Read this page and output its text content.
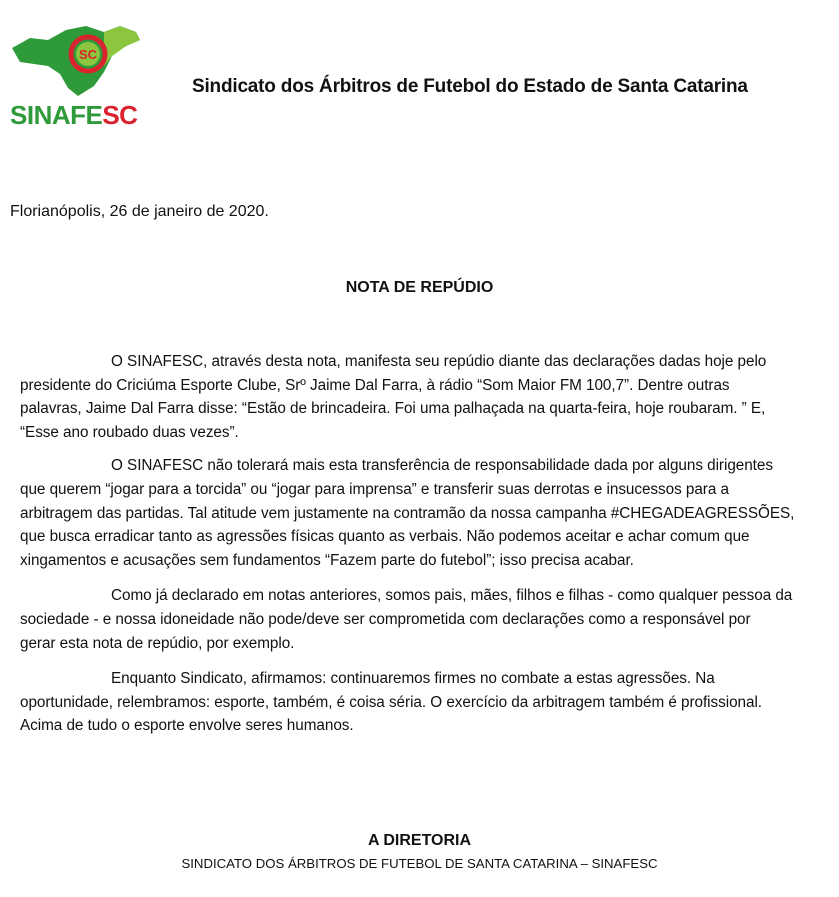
SC
SINAFESC
Sindicato dos Árbitros de Futebol do Estado de Santa Catarina
Florianópolis, 26 de janeiro de 2020.
NOTA DE REPÚDIO

O SINAFESC, através desta nota, manifesta seu repúdio diante das declarações dadas hoje pelo
presidente do Criciúma Esporte Clube, Srº Jaime Dal Farra, à rádio “Som Maior FM 100,7”. Dentre outras
palavras, Jaime Dal Farra disse: “Estão de brincadeira. Foi uma palhaçada na quarta-feira, hoje roubaram. ” E,
“Esse ano roubado duas vezes”.

O SINAFESC não tolerará mais esta transferência de responsabilidade dada por alguns dirigentes
que querem “jogar para a torcida” ou “jogar para imprensa” e transferir suas derrotas e insucessos para a
arbitragem das partidas. Tal atitude vem justamente na contramão da nossa campanha #CHEGADEAGRESSÕES,
que busca erradicar tanto as agressões físicas quanto as verbais. Não podemos aceitar e achar comum que
xingamentos e acusações sem fundamentos “Fazem parte do futebol”; isso precisa acabar.

Como já declarado em notas anteriores, somos pais, mães, filhos e filhas - como qualquer pessoa da
sociedade - e nossa idoneidade não pode/deve ser comprometida com declarações como a responsável por
gerar esta nota de repúdio, por exemplo.

Enquanto Sindicato, afirmamos: continuaremos firmes no combate a estas agressões. Na
oportunidade, relembramos: esporte, também, é coisa séria. O exercício da arbitragem também é profissional.
Acima de tudo o esporte envolve seres humanos.

A DIRETORIA
SINDICATO DOS ÁRBITROS DE FUTEBOL DE SANTA CATARINA – SINAFESC
